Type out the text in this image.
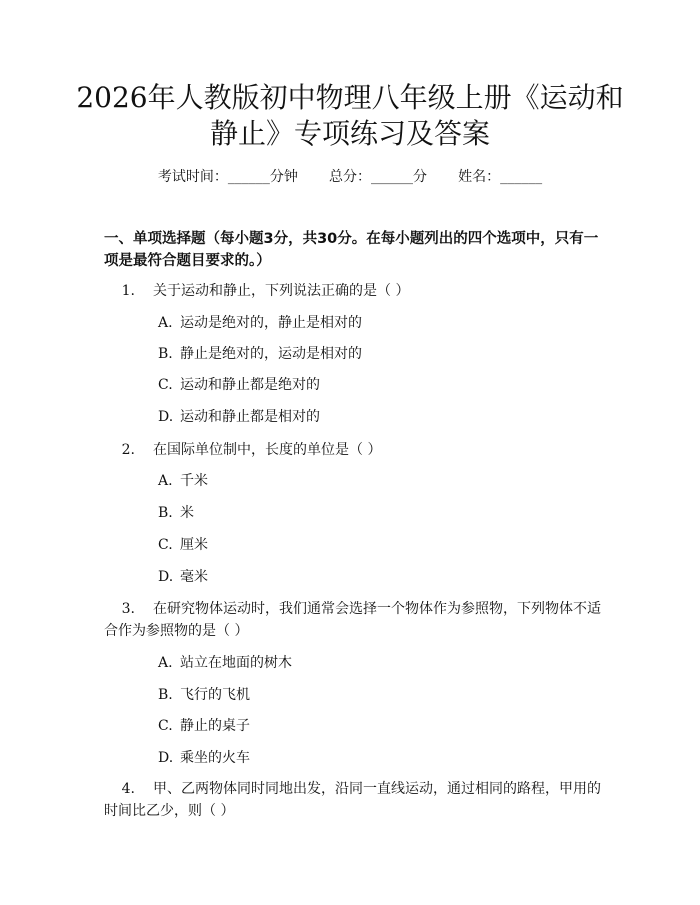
2026年人教版初中物理八年级上册《运动和
静止》专项练习及答案
考试时间：______分钟 总分：______分 姓名：______
一、单项选择题（每小题3分，共30分。在每小题列出的四个选项中，只有一项是最符合题目要求的。）
1. 关于运动和静止，下列说法正确的是（ ）
A. 运动是绝对的，静止是相对的
B. 静止是绝对的，运动是相对的
C. 运动和静止都是绝对的
D. 运动和静止都是相对的
2. 在国际单位制中，长度的单位是（ ）
A. 千米
B. 米
C. 厘米
D. 毫米
3. 在研究物体运动时，我们通常会选择一个物体作为参照物，下列物体不适合作为参照物的是（ ）
A. 站立在地面的树木
B. 飞行的飞机
C. 静止的桌子
D. 乘坐的火车
4. 甲、乙两物体同时同地出发，沿同一直线运动，通过相同的路程，甲用的时间比乙少，则（ ）
